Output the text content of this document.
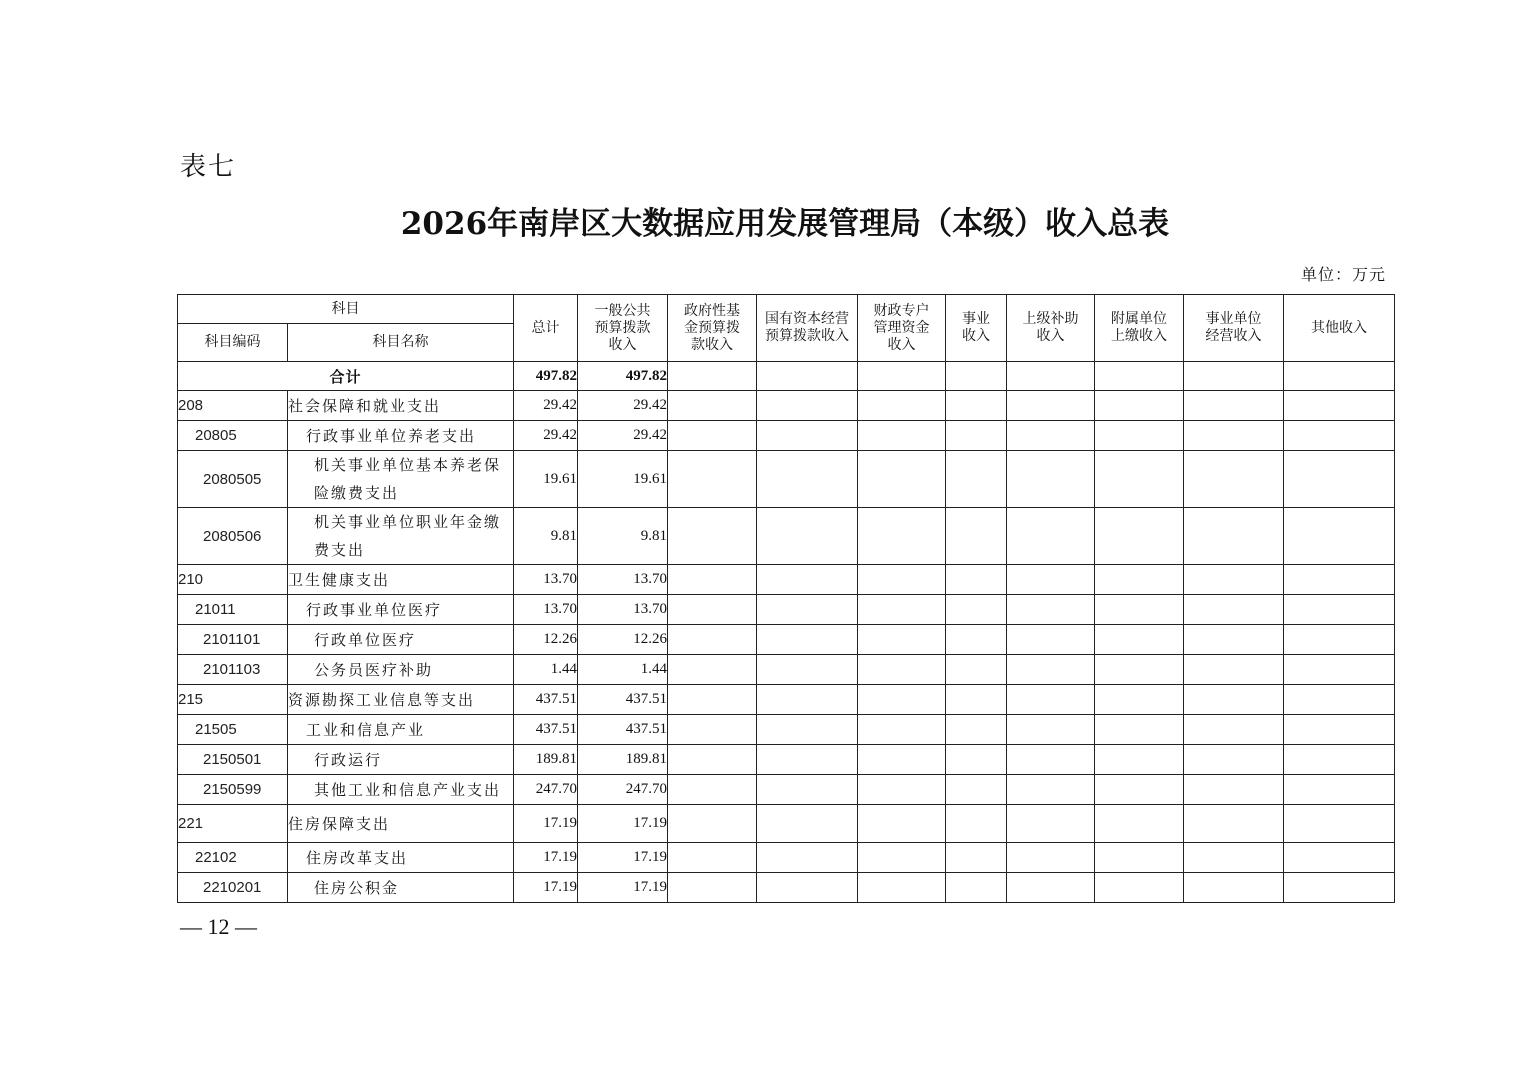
表七
2026年南岸区大数据应用发展管理局（本级）收入总表
单位：万元
科目		总计	一般公共预算拨款收入	政府性基金预算拨款收入	国有资本经营预算拨款收入	财政专户管理资金收入	事业收入	上级补助收入	附属单位上缴收入	事业单位经营收入	其他收入
科目编码	科目名称										
合计		497.82	497.82								
208	社会保障和就业支出	29.42	29.42								
20805	行政事业单位养老支出	29.42	29.42								
2080505	机关事业单位基本养老保险缴费支出	19.61	19.61								
2080506	机关事业单位职业年金缴费支出	9.81	9.81								
210	卫生健康支出	13.70	13.70								
21011	行政事业单位医疗	13.70	13.70								
2101101	行政单位医疗	12.26	12.26								
2101103	公务员医疗补助	1.44	1.44								
215	资源勘探工业信息等支出	437.51	437.51								
21505	工业和信息产业	437.51	437.51								
2150501	行政运行	189.81	189.81								
2150599	其他工业和信息产业支出	247.70	247.70								
221	住房保障支出	17.19	17.19								
22102	住房改革支出	17.19	17.19								
2210201	住房公积金	17.19	17.19								
— 12 —
